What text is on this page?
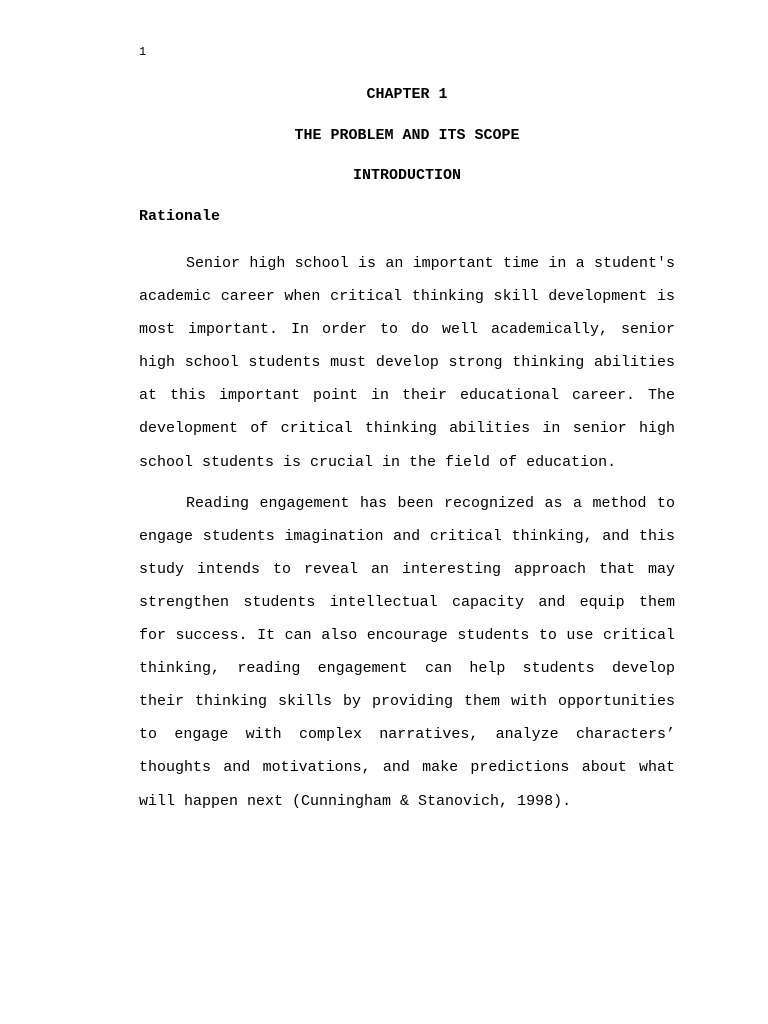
1

CHAPTER 1

THE PROBLEM AND ITS SCOPE

INTRODUCTION

Rationale

Senior high school is an important time in a student's academic career when critical thinking skill development is most important. In order to do well academically, senior high school students must develop strong thinking abilities at this important point in their educational career. The development of critical thinking abilities in senior high school students is crucial in the field of education.

Reading engagement has been recognized as a method to engage students imagination and critical thinking, and this study intends to reveal an interesting approach that may strengthen students intellectual capacity and equip them for success. It can also encourage students to use critical thinking, reading engagement can help students develop their thinking skills by providing them with opportunities to engage with complex narratives, analyze characters’ thoughts and motivations, and make predictions about what will happen next (Cunningham & Stanovich, 1998).
